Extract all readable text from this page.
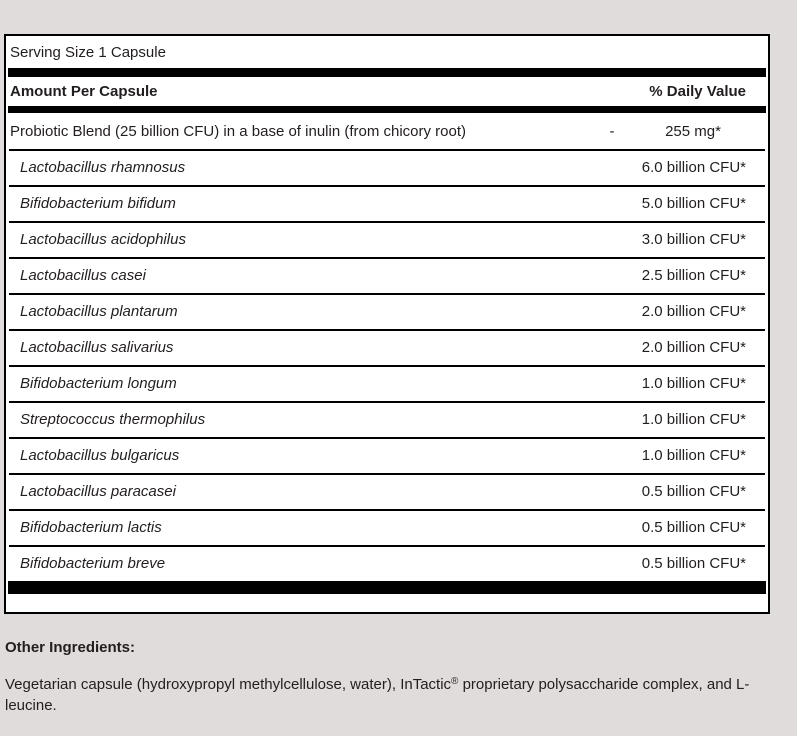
Serving Size 1 Capsule
Amount Per Capsule	% Daily Value
Probiotic Blend (25 billion CFU) in a base of inulin (from chicory root)	-	255 mg*
Lactobacillus rhamnosus	6.0 billion CFU*
Bifidobacterium bifidum	5.0 billion CFU*
Lactobacillus acidophilus	3.0 billion CFU*
Lactobacillus casei	2.5 billion CFU*
Lactobacillus plantarum	2.0 billion CFU*
Lactobacillus salivarius	2.0 billion CFU*
Bifidobacterium longum	1.0 billion CFU*
Streptococcus thermophilus	1.0 billion CFU*
Lactobacillus bulgaricus	1.0 billion CFU*
Lactobacillus paracasei	0.5 billion CFU*
Bifidobacterium lactis	0.5 billion CFU*
Bifidobacterium breve	0.5 billion CFU*

Other Ingredients:

Vegetarian capsule (hydroxypropyl methylcellulose, water), InTactic® proprietary polysaccharide complex, and L-leucine.
